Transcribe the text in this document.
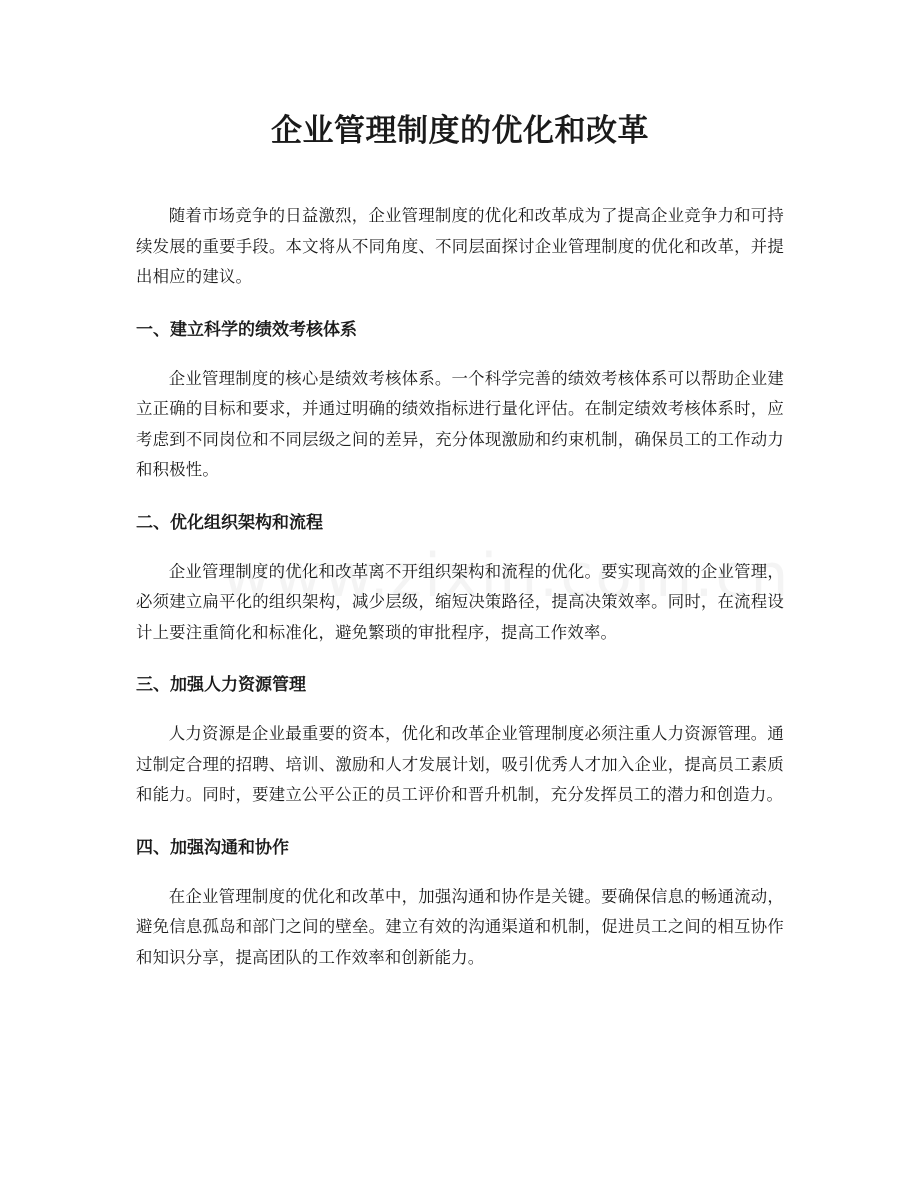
企业管理制度的优化和改革

随着市场竞争的日益激烈，企业管理制度的优化和改革成为了提高企业竞争力和可持续发展的重要手段。本文将从不同角度、不同层面探讨企业管理制度的优化和改革，并提出相应的建议。

一、建立科学的绩效考核体系

企业管理制度的核心是绩效考核体系。一个科学完善的绩效考核体系可以帮助企业建立正确的目标和要求，并通过明确的绩效指标进行量化评估。在制定绩效考核体系时，应考虑到不同岗位和不同层级之间的差异，充分体现激励和约束机制，确保员工的工作动力和积极性。

二、优化组织架构和流程

企业管理制度的优化和改革离不开组织架构和流程的优化。要实现高效的企业管理，必须建立扁平化的组织架构，减少层级，缩短决策路径，提高决策效率。同时，在流程设计上要注重简化和标准化，避免繁琐的审批程序，提高工作效率。

三、加强人力资源管理

人力资源是企业最重要的资本，优化和改革企业管理制度必须注重人力资源管理。通过制定合理的招聘、培训、激励和人才发展计划，吸引优秀人才加入企业，提高员工素质和能力。同时，要建立公平公正的员工评价和晋升机制，充分发挥员工的潜力和创造力。

四、加强沟通和协作

在企业管理制度的优化和改革中，加强沟通和协作是关键。要确保信息的畅通流动，避免信息孤岛和部门之间的壁垒。建立有效的沟通渠道和机制，促进员工之间的相互协作和知识分享，提高团队的工作效率和创新能力。
